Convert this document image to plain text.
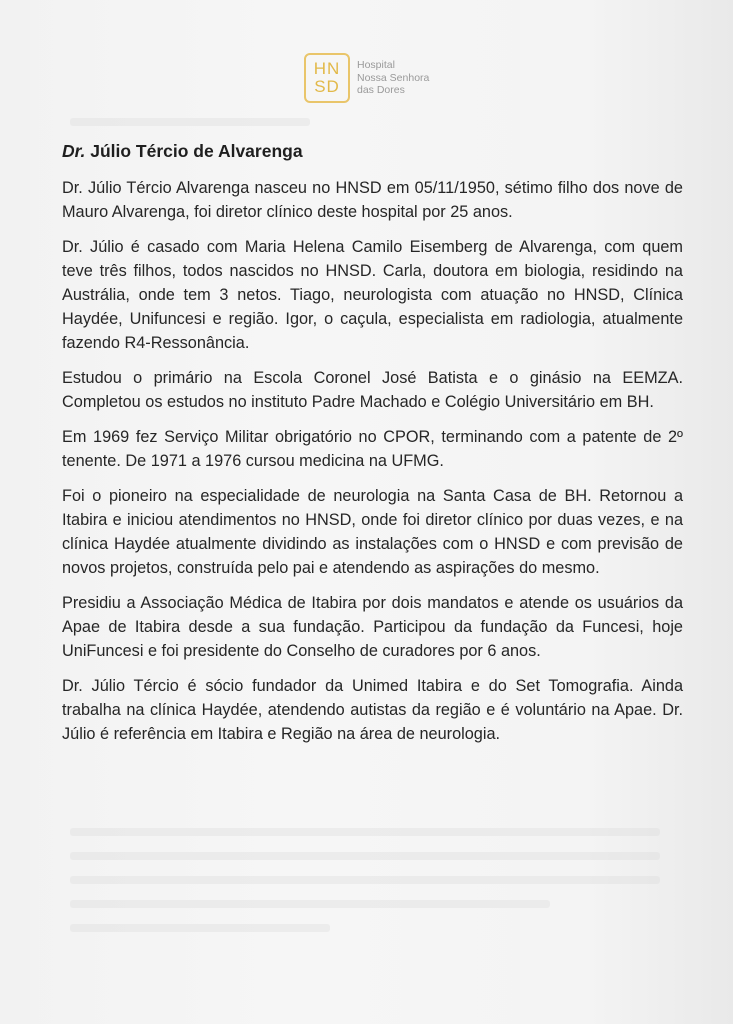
HN
SD
Hospital
Nossa Senhora
das Dores
Dr. Júlio Tércio de Alvarenga

Dr. Júlio Tércio Alvarenga nasceu no HNSD em 05/11/1950, sétimo filho dos nove de Mauro Alvarenga, foi diretor clínico deste hospital por 25 anos.

Dr. Júlio é casado com Maria Helena Camilo Eisemberg de Alvarenga, com quem teve três filhos, todos nascidos no HNSD. Carla, doutora em biologia, residindo na Austrália, onde tem 3 netos. Tiago, neurologista com atuação no HNSD, Clínica Haydée, Unifuncesi e região. Igor, o caçula, especialista em radiologia, atualmente fazendo R4-Ressonância.

Estudou o primário na Escola Coronel José Batista e o ginásio na EEMZA. Completou os estudos no instituto Padre Machado e Colégio Universitário em BH.

Em 1969 fez Serviço Militar obrigatório no CPOR, terminando com a patente de 2º tenente. De 1971 a 1976 cursou medicina na UFMG.

Foi o pioneiro na especialidade de neurologia na Santa Casa de BH. Retornou a Itabira e iniciou atendimentos no HNSD, onde foi diretor clínico por duas vezes, e na clínica Haydée atualmente dividindo as instalações com o HNSD e com previsão de novos projetos, construída pelo pai e atendendo as aspirações do mesmo.

Presidiu a Associação Médica de Itabira por dois mandatos e atende os usuários da Apae de Itabira desde a sua fundação. Participou da fundação da Funcesi, hoje UniFuncesi e foi presidente do Conselho de curadores por 6 anos.

Dr. Júlio Tércio é sócio fundador da Unimed Itabira e do Set Tomografia. Ainda trabalha na clínica Haydée, atendendo autistas da região e é voluntário na Apae. Dr. Júlio é referência em Itabira e Região na área de neurologia.
